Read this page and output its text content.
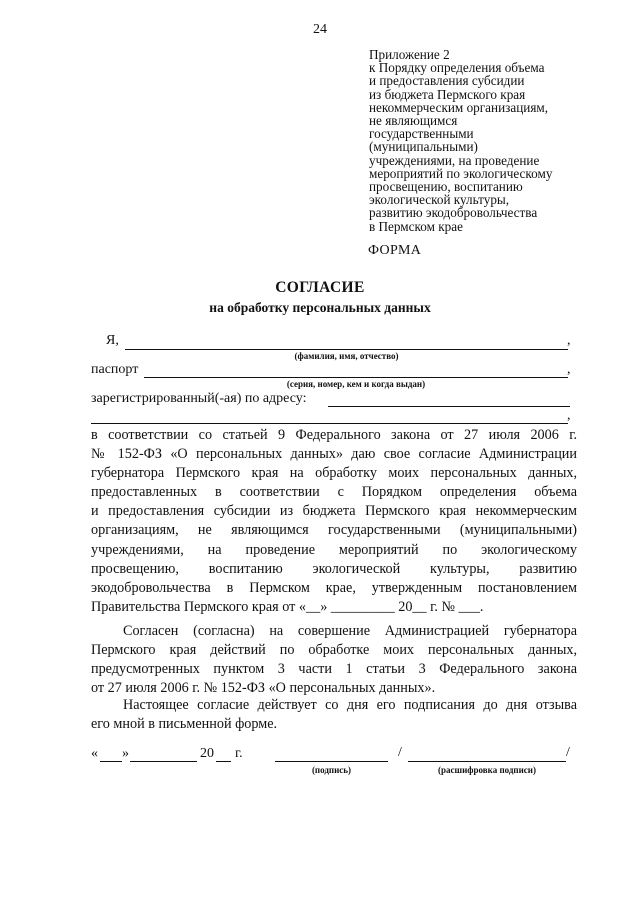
24
Приложение 2
к Порядку определения объема
и предоставления субсидии
из бюджета Пермского края
некоммерческим организациям,
не являющимся
государственными
(муниципальными)
учреждениями, на проведение
мероприятий по экологическому
просвещению, воспитанию
экологической культуры,
развитию экодобровольчества
в Пермском крае
ФОРМА
СОГЛАСИЕ
на обработку персональных данных
Я,	,
(фамилия, имя, отчество)
паспорт	,
(серия, номер, кем и когда выдан)
зарегистрированный(-ая) по адресу:
,
в соответствии со статьей 9 Федерального закона от 27 июля 2006 г.
№ 152-ФЗ «О персональных данных» даю свое согласие Администрации
губернатора Пермского края на обработку моих персональных данных,
предоставленных в соответствии с Порядком определения объема
и предоставления субсидии из бюджета Пермского края некоммерческим
организациям, не являющимся государственными (муниципальными)
учреждениями, на проведение мероприятий по экологическому
просвещению, воспитанию экологической культуры, развитию
экодобровольчества в Пермском крае, утвержденным постановлением
Правительства Пермского края от «__» _________ 20__ г. № ___.
Согласен (согласна) на совершение Администрацией губернатора
Пермского края действий по обработке моих персональных данных,
предусмотренных пунктом 3 части 1 статьи 3 Федерального закона
от 27 июля 2006 г. № 152-ФЗ «О персональных данных».
Настоящее согласие действует со дня его подписания до дня отзыва
его мной в письменной форме.
« »	20 г.
(подпись)
/	/
(расшифровка подписи)
